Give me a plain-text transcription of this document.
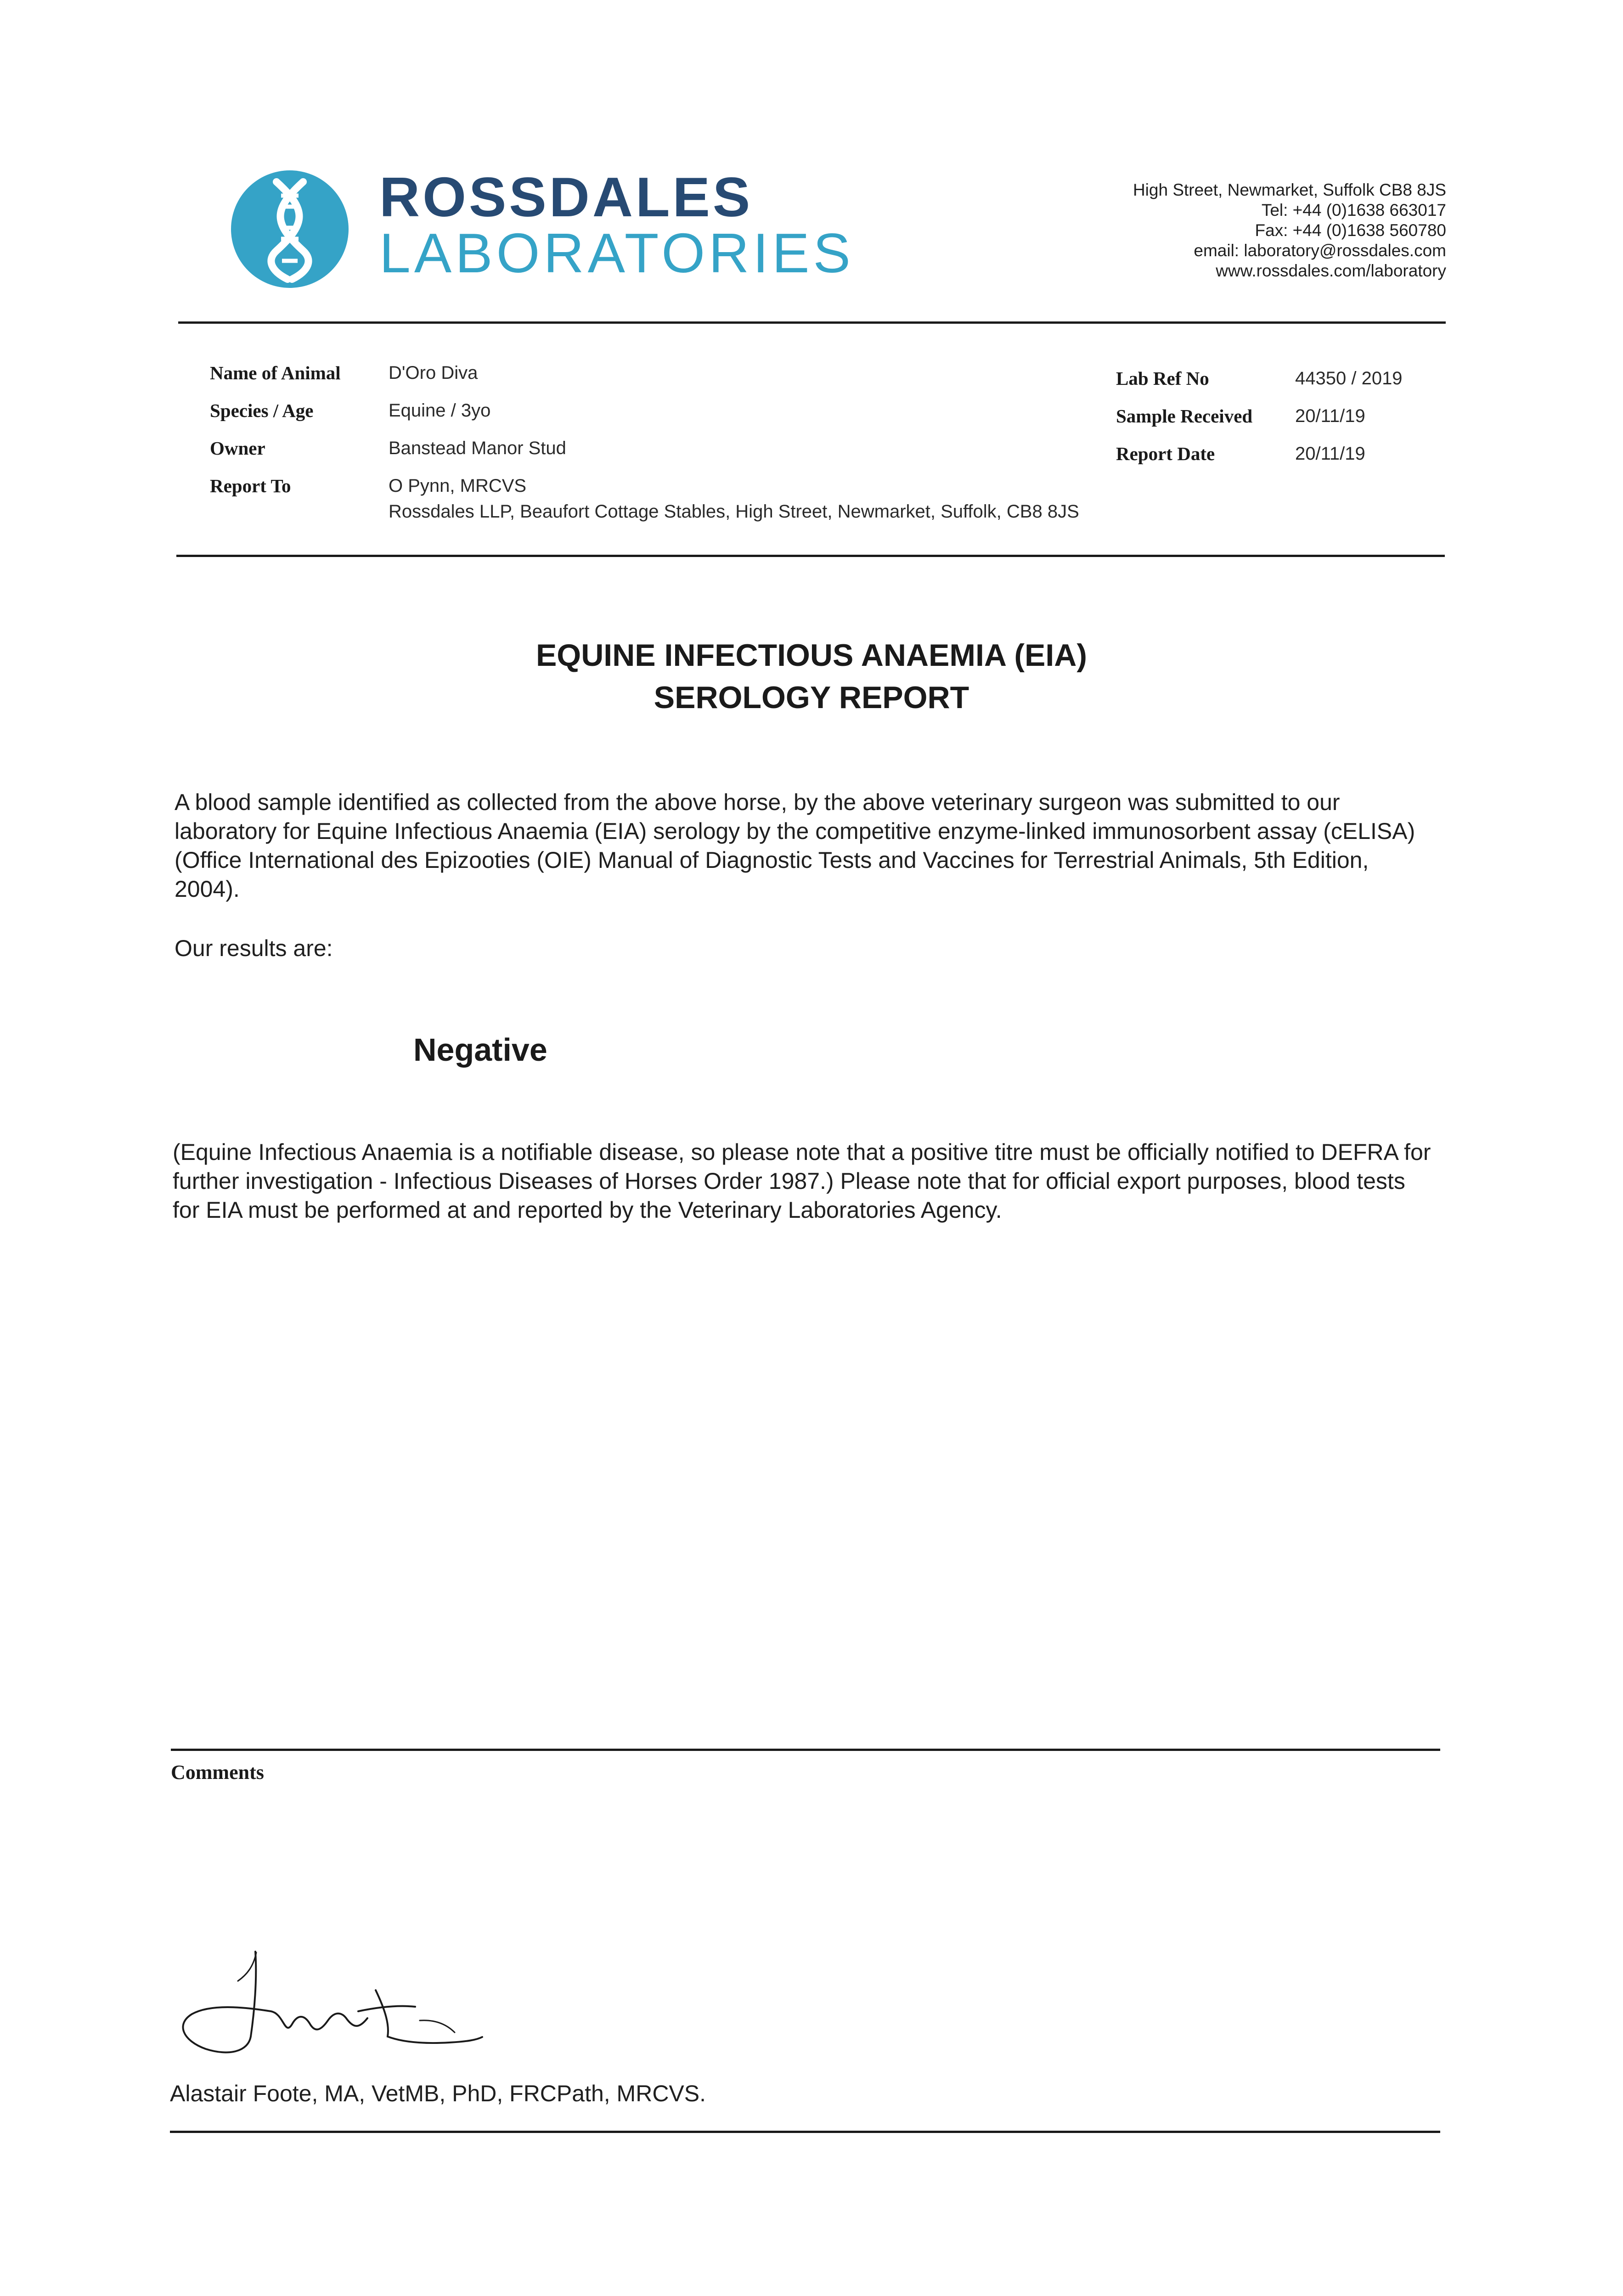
ROSSDALES
LABORATORIES
High Street, Newmarket, Suffolk CB8 8JS
Tel: +44 (0)1638 663017
Fax: +44 (0)1638 560780
email: laboratory@rossdales.com
www.rossdales.com/laboratory
Name of Animal	D'Oro Diva
Species / Age	Equine / 3yo
Owner	Banstead Manor Stud
Report To	O Pynn, MRCVS
Rossdales LLP, Beaufort Cottage Stables, High Street, Newmarket, Suffolk, CB8 8JS
Lab Ref No	44350 / 2019
Sample Received 20/11/19
Report Date	20/11/19
EQUINE INFECTIOUS ANAEMIA (EIA)
SEROLOGY REPORT
A blood sample identified as collected from the above horse, by the above veterinary surgeon was submitted to our laboratory for Equine Infectious Anaemia (EIA) serology by the competitive enzyme-linked immunosorbent assay (cELISA) (Office International des Epizooties (OIE) Manual of Diagnostic Tests and Vaccines for Terrestrial Animals, 5th Edition, 2004).
Our results are:
Negative
(Equine Infectious Anaemia is a notifiable disease, so please note that a positive titre must be officially notified to DEFRA for further investigation - Infectious Diseases of Horses Order 1987.) Please note that for official export purposes, blood tests for EIA must be performed at and reported by the Veterinary Laboratories Agency.
Comments
Alastair Foote, MA, VetMB, PhD, FRCPath, MRCVS.
